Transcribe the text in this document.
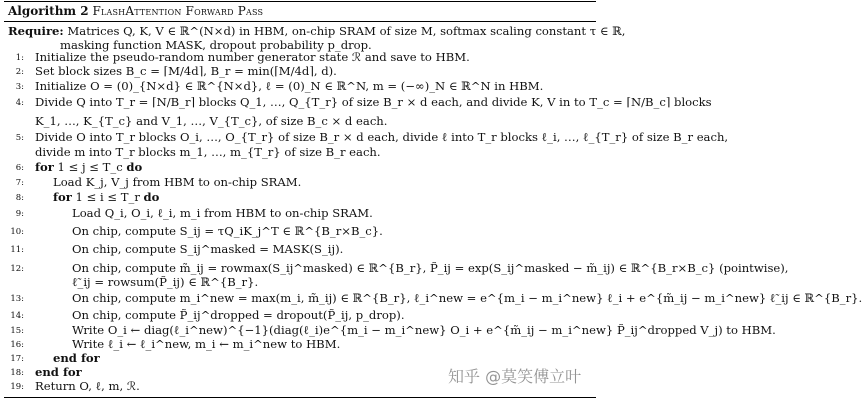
Algorithm 2 FlashAttention Forward Pass
Require: Matrices Q, K, V ∈ ℝ^(N×d) in HBM, on-chip SRAM of size M, softmax scaling constant τ ∈ ℝ,
masking function MASK, dropout probability p_drop.
1: Initialize the pseudo-random number generator state ℛ and save to HBM.
2: Set block sizes B_c = ⌈M/4d⌉, B_r = min(⌈M/4d⌉, d).
3: Initialize O = (0)_{N×d} ∈ ℝ^{N×d}, ℓ = (0)_N ∈ ℝ^N, m = (−∞)_N ∈ ℝ^N in HBM.
4: Divide Q into T_r = ⌈N/B_r⌉ blocks Q_1, …, Q_{T_r} of size B_r × d each, and divide K, V in to T_c = ⌈N/B_c⌉ blocks
K_1, …, K_{T_c} and V_1, …, V_{T_c}, of size B_c × d each.
5: Divide O into T_r blocks O_i, …, O_{T_r} of size B_r × d each, divide ℓ into T_r blocks ℓ_i, …, ℓ_{T_r} of size B_r each,
divide m into T_r blocks m_1, …, m_{T_r} of size B_r each.
6: for 1 ≤ j ≤ T_c do
7:	Load K_j, V_j from HBM to on-chip SRAM.
8:	for 1 ≤ i ≤ T_r do
9:	Load Q_i, O_i, ℓ_i, m_i from HBM to on-chip SRAM.
10:	On chip, compute S_ij = τQ_iK_j^T ∈ ℝ^{B_r×B_c}.
11:	On chip, compute S_ij^masked = MASK(S_ij).
12:	On chip, compute m̃_ij = rowmax(S_ij^masked) ∈ ℝ^{B_r}, P̃_ij = exp(S_ij^masked − m̃_ij) ∈ ℝ^{B_r×B_c} (pointwise),
ℓ̃_ij = rowsum(P̃_ij) ∈ ℝ^{B_r}.
13:	On chip, compute m_i^new = max(m_i, m̃_ij) ∈ ℝ^{B_r}, ℓ_i^new = e^{m_i − m_i^new} ℓ_i + e^{m̃_ij − m_i^new} ℓ̃_ij ∈ ℝ^{B_r}.
14:	On chip, compute P̃_ij^dropped = dropout(P̃_ij, p_drop).
15:	Write O_i ← diag(ℓ_i^new)^{−1}(diag(ℓ_i)e^{m_i − m_i^new} O_i + e^{m̃_ij − m_i^new} P̃_ij^dropped V_j) to HBM.
16:	Write ℓ_i ← ℓ_i^new, m_i ← m_i^new to HBM.
17:	end for
18: end for
19: Return O, ℓ, m, ℛ.	知乎 @莫笑傅立叶
